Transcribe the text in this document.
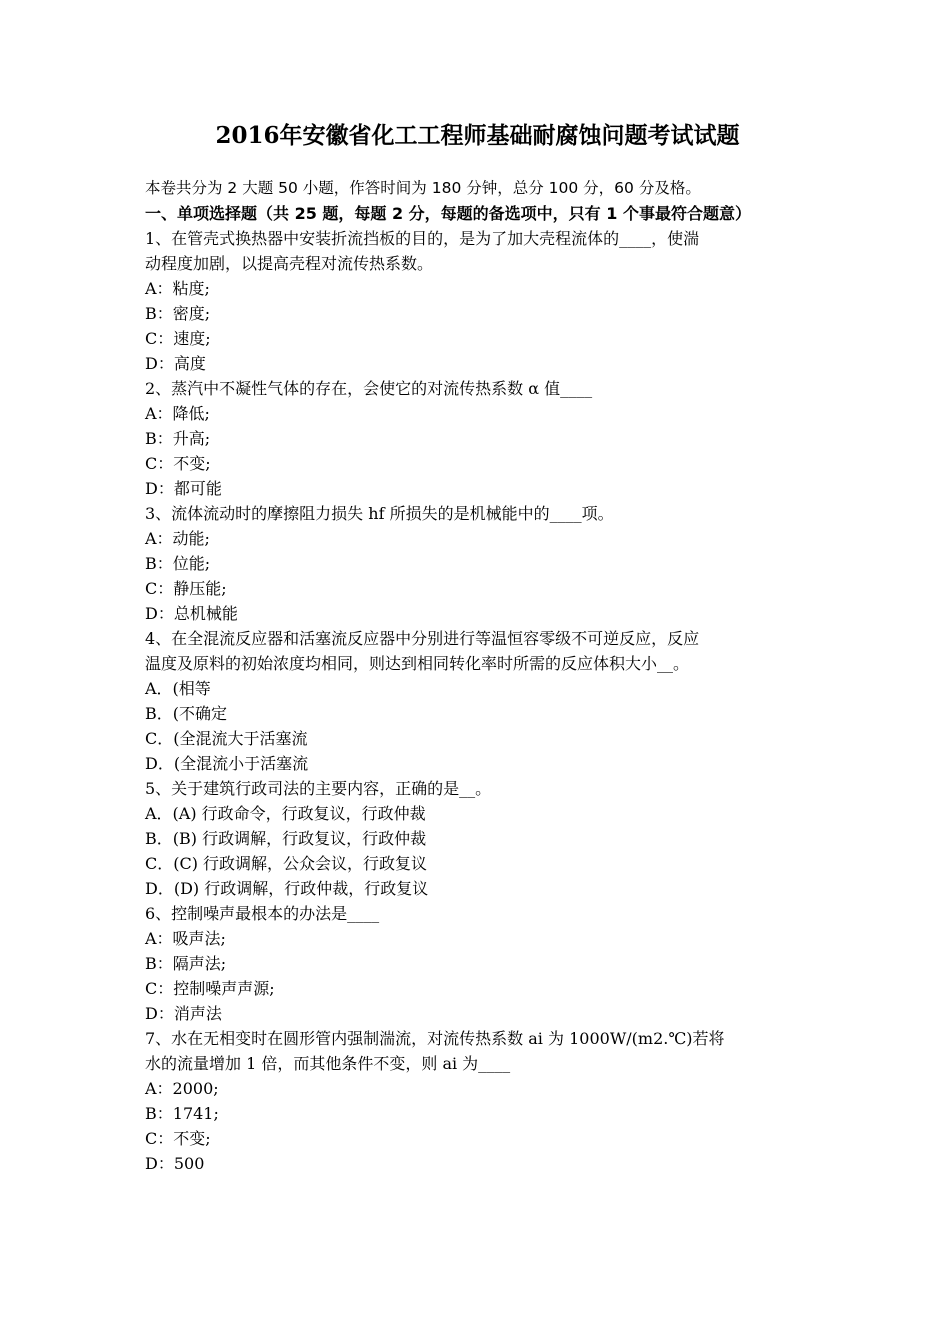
2016年安徽省化工工程师基础耐腐蚀问题考试试题
本卷共分为 2 大题 50 小题，作答时间为 180 分钟，总分 100 分，60 分及格。
一、单项选择题（共 25 题，每题 2 分，每题的备选项中，只有 1 个事最符合题意）
1、在管壳式换热器中安装折流挡板的目的，是为了加大壳程流体的____，使湍
动程度加剧，以提高壳程对流传热系数。
A：粘度;
B：密度;
C：速度;
D：高度
2、蒸汽中不凝性气体的存在，会使它的对流传热系数 α 值____
A：降低;
B：升高;
C：不变;
D：都可能
3、流体流动时的摩擦阻力损失 hf 所损失的是机械能中的____项。
A：动能;
B：位能;
C：静压能;
D：总机械能
4、在全混流反应器和活塞流反应器中分别进行等温恒容零级不可逆反应，反应
温度及原料的初始浓度均相同，则达到相同转化率时所需的反应体积大小__。
A．(相等
B．(不确定
C．(全混流大于活塞流
D．(全混流小于活塞流
5、关于建筑行政司法的主要内容，正确的是__。
A．(A) 行政命令，行政复议，行政仲裁
B．(B) 行政调解，行政复议，行政仲裁
C．(C) 行政调解，公众会议，行政复议
D．(D) 行政调解，行政仲裁，行政复议
6、控制噪声最根本的办法是____
A：吸声法;
B：隔声法;
C：控制噪声声源;
D：消声法
7、水在无相变时在圆形管内强制湍流，对流传热系数 ai 为 1000W/(m2.℃)若将
水的流量增加 1 倍，而其他条件不变，则 ai 为____
A：2000;
B：1741;
C：不变;
D：500
